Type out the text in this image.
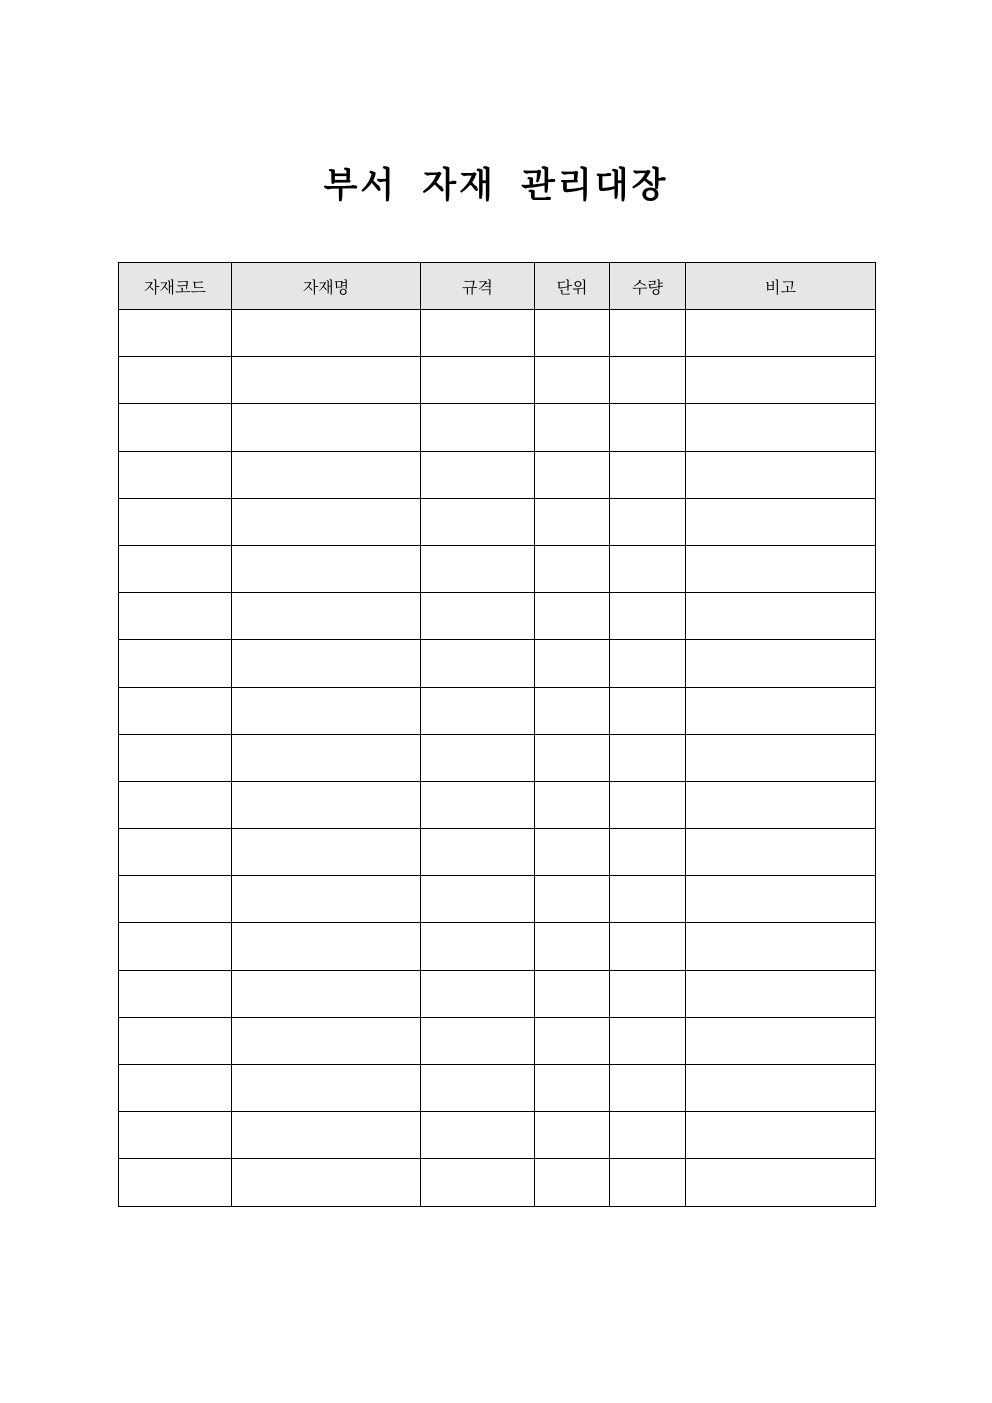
부서 자재 관리대장
자재코드	자재명	규격	단위	수량	비고
